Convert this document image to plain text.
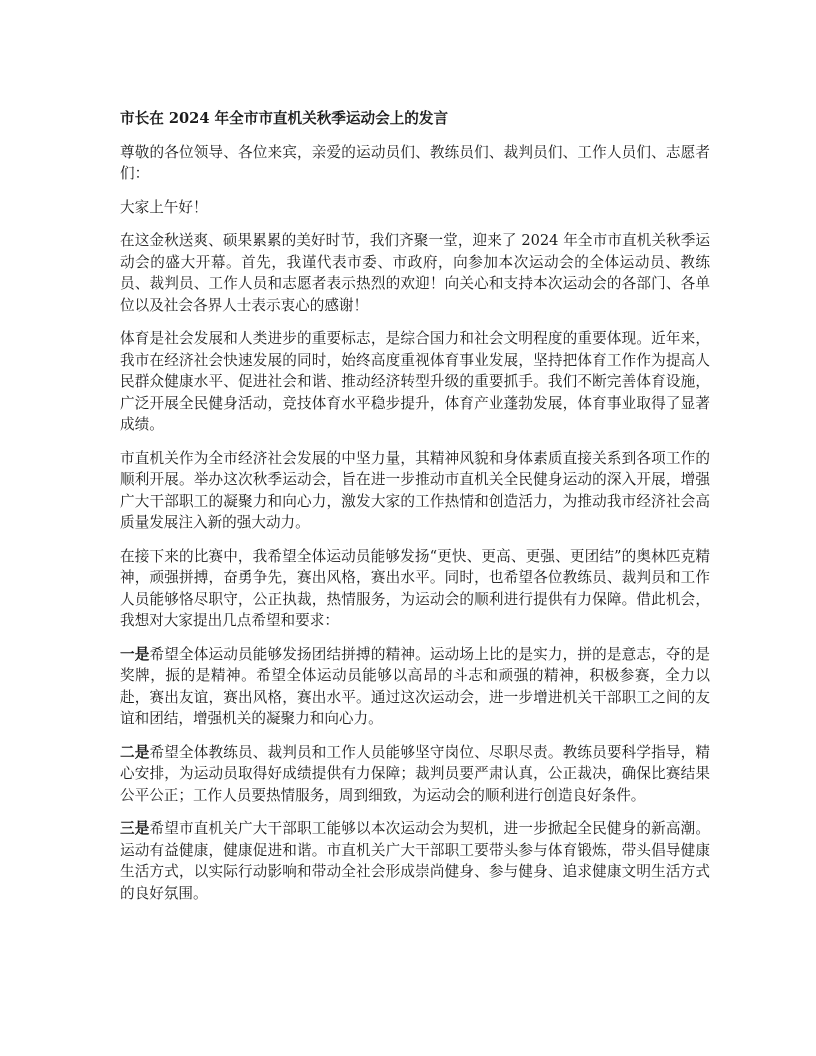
市长在 2024 年全市市直机关秋季运动会上的发言

尊敬的各位领导、各位来宾，亲爱的运动员们、教练员们、裁判员们、工作人员们、志愿者们：

大家上午好！

在这金秋送爽、硕果累累的美好时节，我们齐聚一堂，迎来了 2024 年全市市直机关秋季运动会的盛大开幕。首先，我谨代表市委、市政府，向参加本次运动会的全体运动员、教练员、裁判员、工作人员和志愿者表示热烈的欢迎！向关心和支持本次运动会的各部门、各单位以及社会各界人士表示衷心的感谢！

体育是社会发展和人类进步的重要标志，是综合国力和社会文明程度的重要体现。近年来，我市在经济社会快速发展的同时，始终高度重视体育事业发展，坚持把体育工作作为提高人民群众健康水平、促进社会和谐、推动经济转型升级的重要抓手。我们不断完善体育设施，广泛开展全民健身活动，竞技体育水平稳步提升，体育产业蓬勃发展，体育事业取得了显著成绩。

市直机关作为全市经济社会发展的中坚力量，其精神风貌和身体素质直接关系到各项工作的顺利开展。举办这次秋季运动会，旨在进一步推动市直机关全民健身运动的深入开展，增强广大干部职工的凝聚力和向心力，激发大家的工作热情和创造活力，为推动我市经济社会高质量发展注入新的强大动力。

在接下来的比赛中，我希望全体运动员能够发扬“更快、更高、更强、更团结”的奥林匹克精神，顽强拼搏，奋勇争先，赛出风格，赛出水平。同时，也希望各位教练员、裁判员和工作人员能够恪尽职守，公正执裁，热情服务，为运动会的顺利进行提供有力保障。借此机会，我想对大家提出几点希望和要求：

一是希望全体运动员能够发扬团结拼搏的精神。运动场上比的是实力，拼的是意志，夺的是奖牌，振的是精神。希望全体运动员能够以高昂的斗志和顽强的精神，积极参赛，全力以赴，赛出友谊，赛出风格，赛出水平。通过这次运动会，进一步增进机关干部职工之间的友谊和团结，增强机关的凝聚力和向心力。

二是希望全体教练员、裁判员和工作人员能够坚守岗位、尽职尽责。教练员要科学指导，精心安排，为运动员取得好成绩提供有力保障；裁判员要严肃认真，公正裁决，确保比赛结果公平公正；工作人员要热情服务，周到细致，为运动会的顺利进行创造良好条件。

三是希望市直机关广大干部职工能够以本次运动会为契机，进一步掀起全民健身的新高潮。运动有益健康，健康促进和谐。市直机关广大干部职工要带头参与体育锻炼，带头倡导健康生活方式，以实际行动影响和带动全社会形成崇尚健身、参与健身、追求健康文明生活方式的良好氛围。
